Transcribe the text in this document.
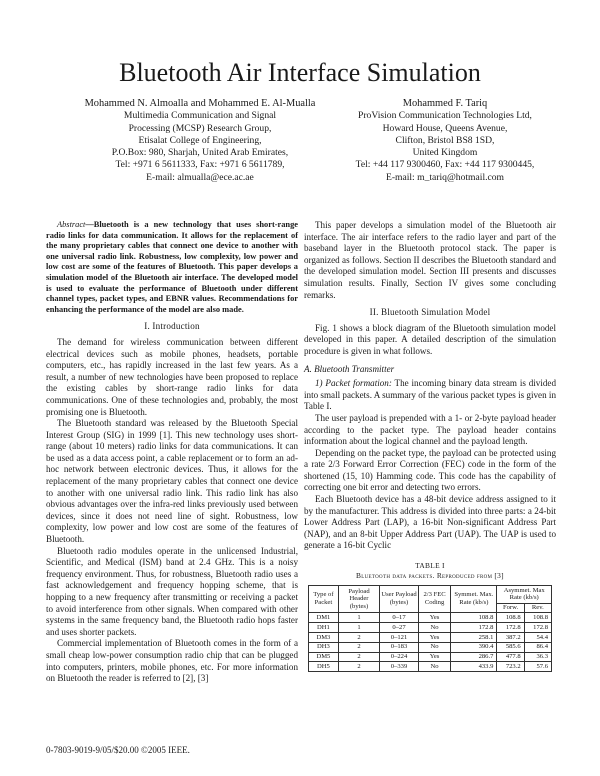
Bluetooth Air Interface Simulation
Mohammed N. Almoalla and Mohammed E. Al-Mualla
Multimedia Communication and Signal
Processing (MCSP) Research Group,
Etisalat College of Engineering,
P.O.Box: 980, Sharjah, United Arab Emirates,
Tel: +971 6 5611333, Fax: +971 6 5611789,
E-mail: almualla@ece.ac.ae
Mohammed F. Tariq
ProVision Communication Technologies Ltd,
Howard House, Queens Avenue,
Clifton, Bristol BS8 1SD,
United Kingdom
Tel: +44 117 9300460, Fax: +44 117 9300445,
E-mail: m_tariq@hotmail.com

Abstract—Bluetooth is a new technology that uses short-range radio links for data communication. It allows for the replacement of the many proprietary cables that connect one device to another with one universal radio link. Robustness, low complexity, low power and low cost are some of the features of Bluetooth. This paper develops a simulation model of the Bluetooth air interface. The developed model is used to evaluate the performance of Bluetooth under different channel types, packet types, and EBNR values. Recommendations for enhancing the performance of the model are also made.

I. Introduction

The demand for wireless communication between different electrical devices such as mobile phones, headsets, portable computers, etc., has rapidly increased in the last few years. As a result, a number of new technologies have been proposed to replace the existing cables by short-range radio links for data communications. One of these technologies and, probably, the most promising one is Bluetooth.

The Bluetooth standard was released by the Bluetooth Special Interest Group (SIG) in 1999 [1]. This new technology uses short-range (about 10 meters) radio links for data communications. It can be used as a data access point, a cable replacement or to form an ad-hoc network between electronic devices. Thus, it allows for the replacement of the many proprietary cables that connect one device to another with one universal radio link. This radio link has also obvious advantages over the infra-red links previously used between devices, since it does not need line of sight. Robustness, low complexity, low power and low cost are some of the features of Bluetooth.

Bluetooth radio modules operate in the unlicensed Industrial, Scientific, and Medical (ISM) band at 2.4 GHz. This is a noisy frequency environment. Thus, for robustness, Bluetooth radio uses a fast acknowledgement and frequency hopping scheme, that is hopping to a new frequency after transmitting or receiving a packet to avoid interference from other signals. When compared with other systems in the same frequency band, the Bluetooth radio hops faster and uses shorter packets.

Commercial implementation of Bluetooth comes in the form of a small cheap low-power consumption radio chip that can be plugged into computers, printers, mobile phones, etc. For more information on Bluetooth the reader is referred to [2], [3]

This paper develops a simulation model of the Bluetooth air interface. The air interface refers to the radio layer and part of the baseband layer in the Bluetooth protocol stack. The paper is organized as follows. Section II describes the Bluetooth standard and the developed simulation model. Section III presents and discusses simulation results. Finally, Section IV gives some concluding remarks.

II. Bluetooth Simulation Model

Fig. 1 shows a block diagram of the Bluetooth simulation model developed in this paper. A detailed description of the simulation procedure is given in what follows.

A. Bluetooth Transmitter

1) Packet formation: The incoming binary data stream is divided into small packets. A summary of the various packet types is given in Table I.

The user payload is prepended with a 1- or 2-byte payload header according to the packet type. The payload header contains information about the logical channel and the payload length.

Depending on the packet type, the payload can be protected using a rate 2/3 Forward Error Correction (FEC) code in the form of the shortened (15, 10) Hamming code. This code has the capability of correcting one bit error and detecting two errors.

Each Bluetooth device has a 48-bit device address assigned to it by the manufacturer. This address is divided into three parts: a 24-bit Lower Address Part (LAP), a 16-bit Non-significant Address Part (NAP), and an 8-bit Upper Address Part (UAP). The UAP is used to generate a 16-bit Cyclic

TABLE I
Bluetooth data packets. Reproduced from [3]
Type of Packet	Payload Header (bytes)	User Payload (bytes)	2/3 FEC Coding	Symmet. Max. Rate (kb/s)	Asymmet. Max Rate (kb/s)	
					Forw.	Rev.
DM1	1	0–17	Yes	108.8	108.8	108.8
DH1	1	0–27	No	172.8	172.8	172.8
DM3	2	0–121	Yes	258.1	387.2	54.4
DH3	2	0–183	No	390.4	585.6	86.4
DM5	2	0–224	Yes	286.7	477.8	36.3
DH5	2	0–339	No	433.9	723.2	57.6
0-7803-9019-9/05/$20.00 ©2005 IEEE.
